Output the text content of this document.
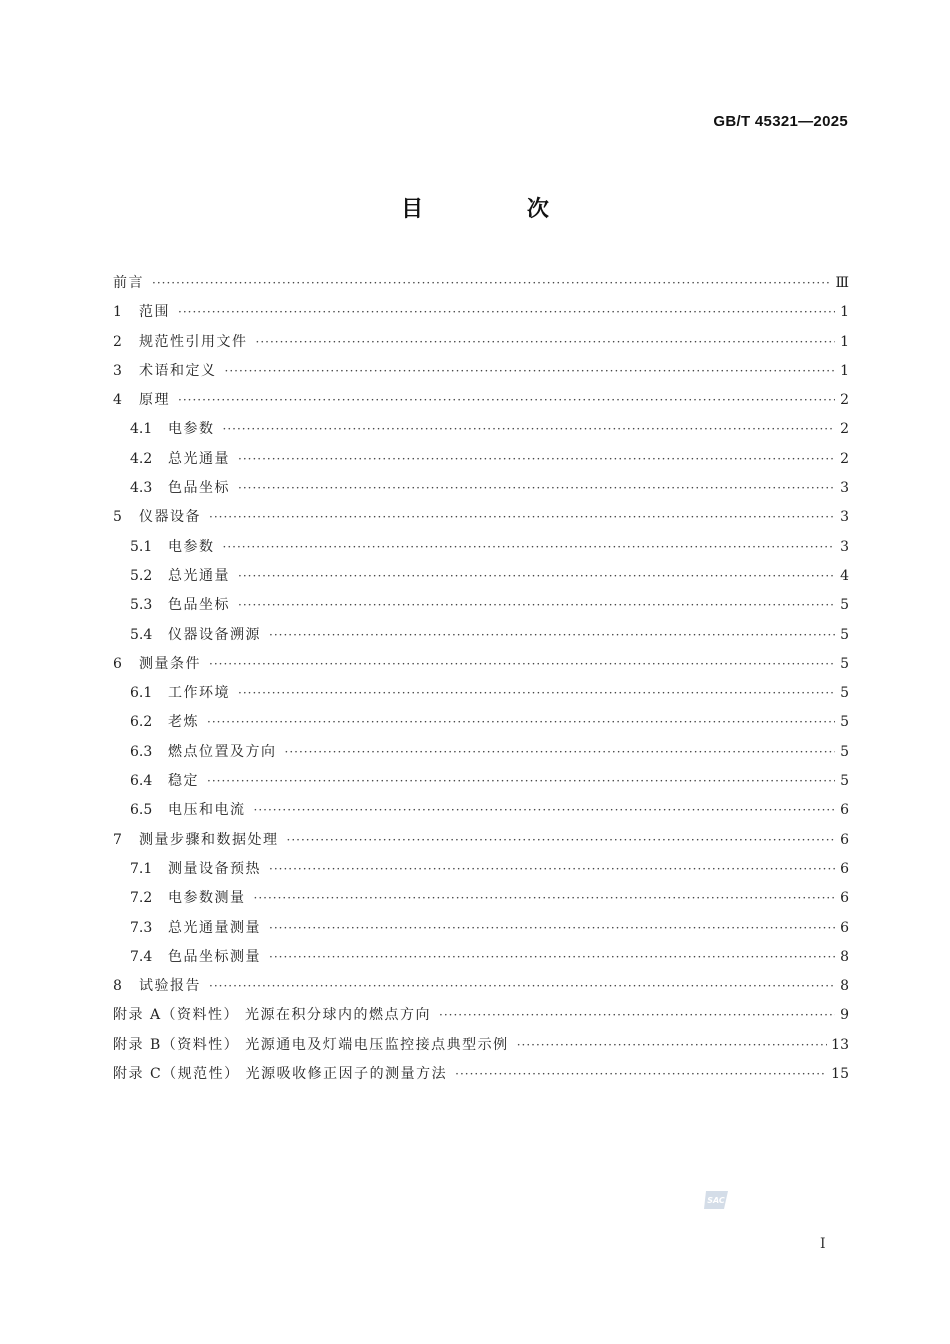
GB/T 45321—2025
目 次
前言 ·····	Ⅲ
1	范围 ·····	1
2	规范性引用文件 ·····	1
3	术语和定义 ·····	1
4	原理 ·····	2
4.1	电参数 ·····	2
4.2	总光通量 ·····	2
4.3	色品坐标 ·····	3
5	仪器设备 ·····	3
5.1	电参数 ·····	3
5.2	总光通量 ·····	4
5.3	色品坐标 ·····	5
5.4	仪器设备溯源 ·····	5
6	测量条件 ·····	5
6.1	工作环境 ·····	5
6.2	老炼 ·····	5
6.3	燃点位置及方向 ·····	5
6.4	稳定 ·····	5
6.5	电压和电流 ·····	6
7	测量步骤和数据处理 ·····	6
7.1	测量设备预热 ·····	6
7.2	电参数测量 ·····	6
7.3	总光通量测量 ·····	6
7.4	色品坐标测量 ·····	8
8	试验报告 ·····	8
附录 A（资料性） 光源在积分球内的燃点方向 ·····	9
附录 B（资料性） 光源通电及灯端电压监控接点典型示例 ·····	13
附录 C（规范性） 光源吸收修正因子的测量方法 ·····	15
SAC
I
